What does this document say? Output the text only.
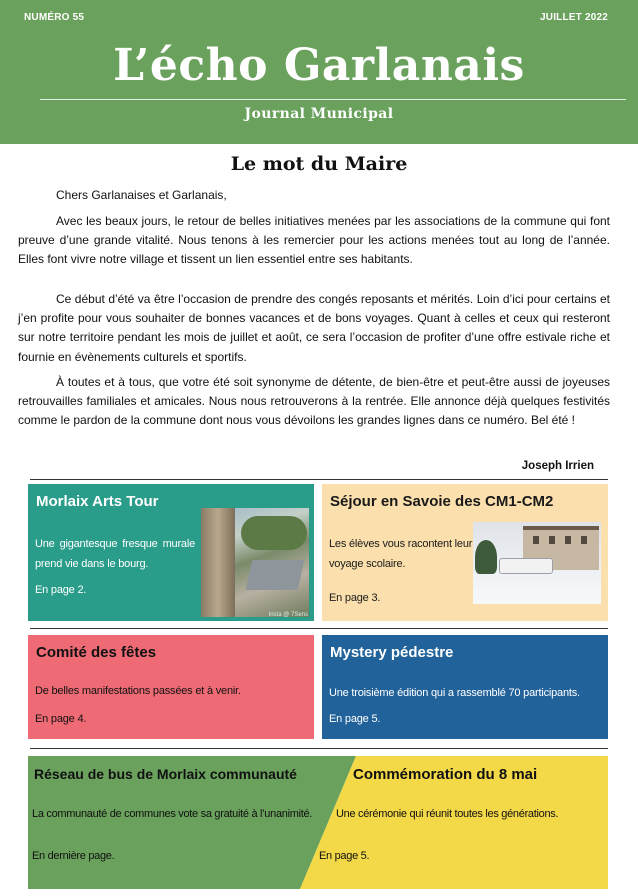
NUMÉRO 55	JUILLET 2022
L’écho Garlanais
Journal Municipal
Le mot du Maire
Chers Garlanaises et Garlanais,

Avec les beaux jours, le retour de belles initiatives menées par les associations de la commune qui font preuve d’une grande vitalité. Nous tenons à les remercier pour les actions menées tout au long de l’année. Elles font vivre notre village et tissent un lien essentiel entre ses habitants.

Ce début d’été va être l’occasion de prendre des congés reposants et mérités. Loin d’ici pour certains et j’en profite pour vous souhaiter de bonnes vacances et de bons voyages. Quant à celles et ceux qui resteront sur notre territoire pendant les mois de juillet et août, ce sera l’occasion de profiter d’une offre estivale riche et fournie en évènements culturels et sportifs.

À toutes et à tous, que votre été soit synonyme de détente, de bien-être et peut-être aussi de joyeuses retrouvailles familiales et amicales. Nous nous retrouverons à la rentrée. Elle annonce déjà quelques festivités comme le pardon de la commune dont nous vous dévoilons les grandes lignes dans ce numéro. Bel été !

Joseph Irrien
Morlaix Arts Tour
Une gigantesque fresque murale prend vie dans le bourg.
En page 2.
Insta @ 7Sens
Séjour en Savoie des CM1-CM2
Les élèves vous racontent leur voyage scolaire.
En page 3.
Comité des fêtes
De belles manifestations passées et à venir.
En page 4.
Mystery pédestre
Une troisième édition qui a rassemblé 70 participants.
En page 5.
Réseau de bus de Morlaix communauté
La communauté de communes vote sa gratuité à l’unanimité.
En dernière page.
Commémoration du 8 mai
Une cérémonie qui réunit toutes les générations.
En page 5.
